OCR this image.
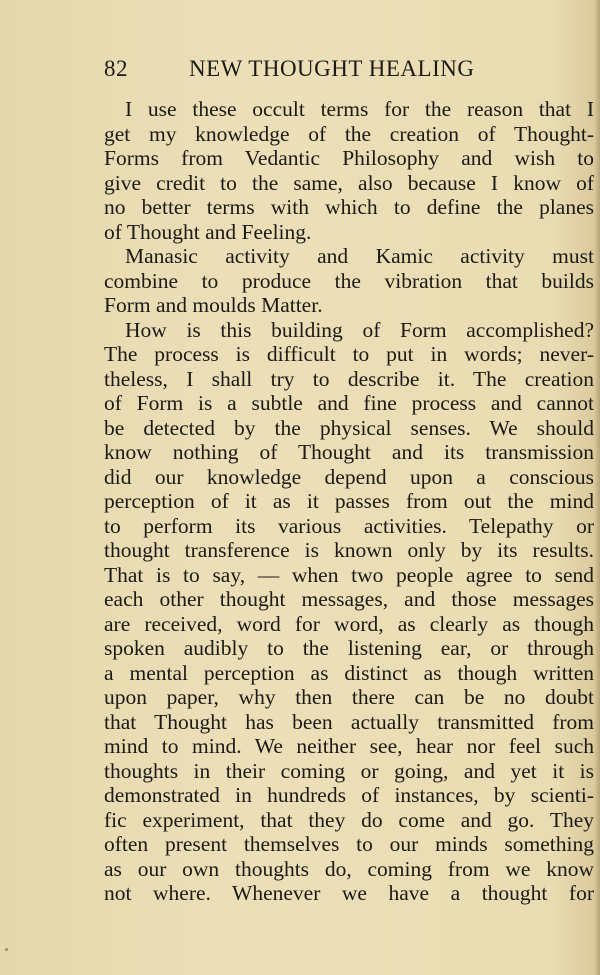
82	NEW THOUGHT HEALING
I use these occult terms for the reason that I
get my knowledge of the creation of Thought-
Forms from Vedantic Philosophy and wish to
give credit to the same, also because I know of
no better terms with which to define the planes
of Thought and Feeling.
Manasic activity and Kamic activity must
combine to produce the vibration that builds
Form and moulds Matter.
How is this building of Form accomplished?
The process is difficult to put in words; never-
theless, I shall try to describe it. The creation
of Form is a subtle and fine process and cannot
be detected by the physical senses. We should
know nothing of Thought and its transmission
did our knowledge depend upon a conscious
perception of it as it passes from out the mind
to perform its various activities. Telepathy or
thought transference is known only by its results.
That is to say, — when two people agree to send
each other thought messages, and those messages
are received, word for word, as clearly as though
spoken audibly to the listening ear, or through
a mental perception as distinct as though written
upon paper, why then there can be no doubt
that Thought has been actually transmitted from
mind to mind. We neither see, hear nor feel such
thoughts in their coming or going, and yet it is
demonstrated in hundreds of instances, by scienti-
fic experiment, that they do come and go. They
often present themselves to our minds something
as our own thoughts do, coming from we know
not where. Whenever we have a thought for
